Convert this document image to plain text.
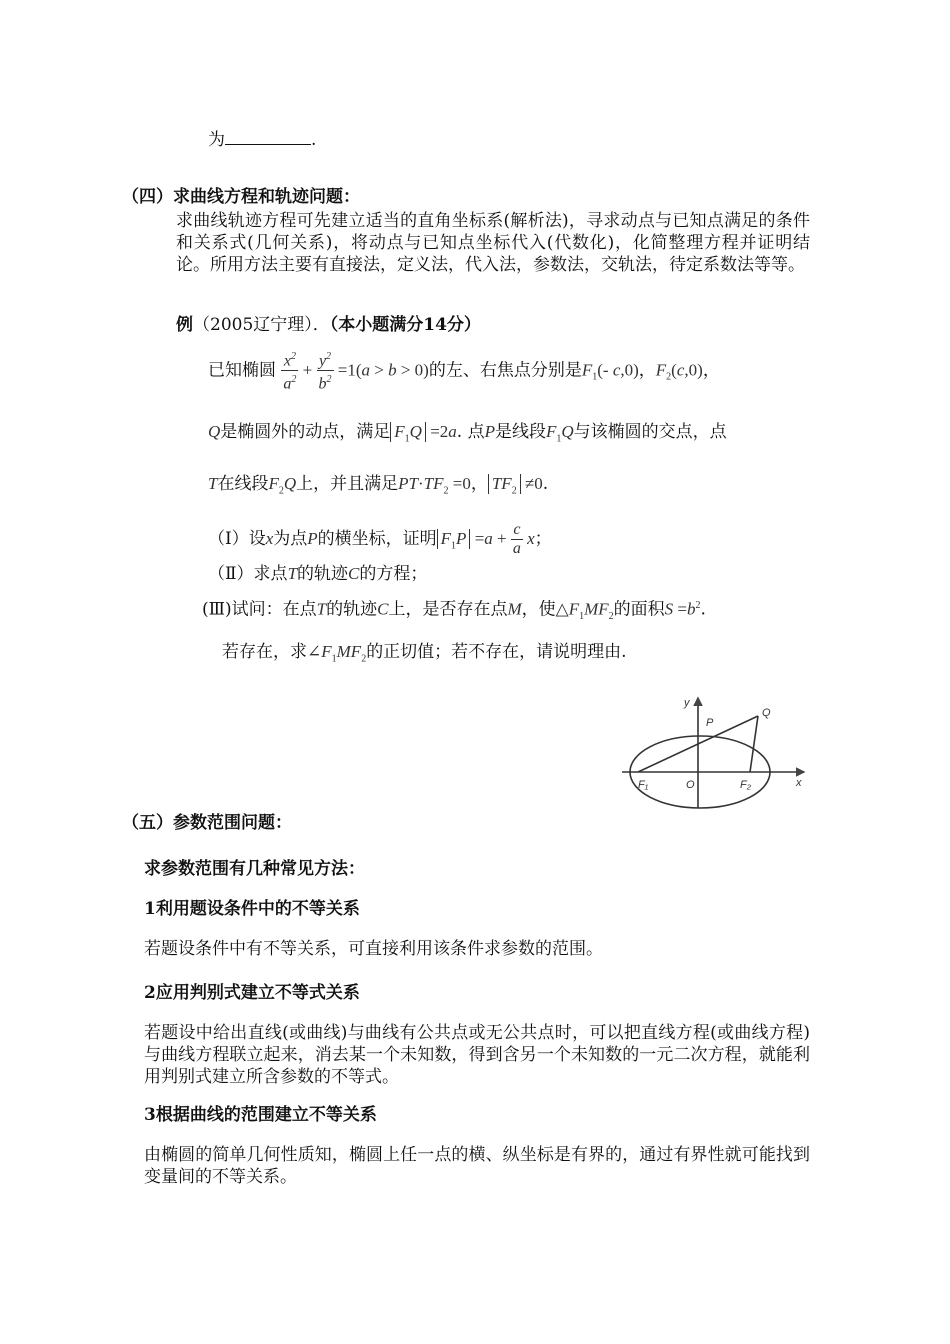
为	.
（四）求曲线方程和轨迹问题：
求曲线轨迹方程可先建立适当的直角坐标系(解析法)，寻求动点与已知点满足的条件和关系式(几何关系)，将动点与已知点坐标代入(代数化)，化简整理方程并证明结论。所用方法主要有直接法，定义法，代入法，参数法，交轨法，待定系数法等等。
例（2005辽宁理）．（本小题满分14分）
已知椭圆 $\frac{x^2}{a^2} + \frac{y^2}{b^2} =1(a > b > 0)$的左、右焦点分别是$F_1(-$ c,0)，$F_2(c,0)$，
Q是椭圆外的动点，满足 $F_1Q =2a$. 点P是线段$F_1Q$与该椭圆的交点，点
T在线段$F_2Q$上，并且满足$PT\cdot TF_2 =0$， $TF_2 \ne 0$.
（Ⅰ）设x为点P的横坐标，证明 $F_1P =a + \frac{c}{a}$ x；
（Ⅱ）求点T的轨迹C的方程；
(Ⅲ)试问：在点T的轨迹C上，是否存在点M，使$\triangle F_1MF_2$的面积$S =b^2$.
若存在，求$\angle F_1MF_2$的正切值；若不存在，请说明理由.
y
x
O
P
Q
F₁	F₂
（五）参数范围问题：
求参数范围有几种常见方法：
1利用题设条件中的不等关系
若题设条件中有不等关系，可直接利用该条件求参数的范围。
2应用判别式建立不等式关系
若题设中给出直线(或曲线)与曲线有公共点或无公共点时，可以把直线方程(或曲线方程)与曲线方程联立起来，消去某一个未知数，得到含另一个未知数的一元二次方程，就能利用判别式建立所含参数的不等式。
3根据曲线的范围建立不等关系
由椭圆的简单几何性质知，椭圆上任一点的横、纵坐标是有界的，通过有界性就可能找到变量间的不等关系。
